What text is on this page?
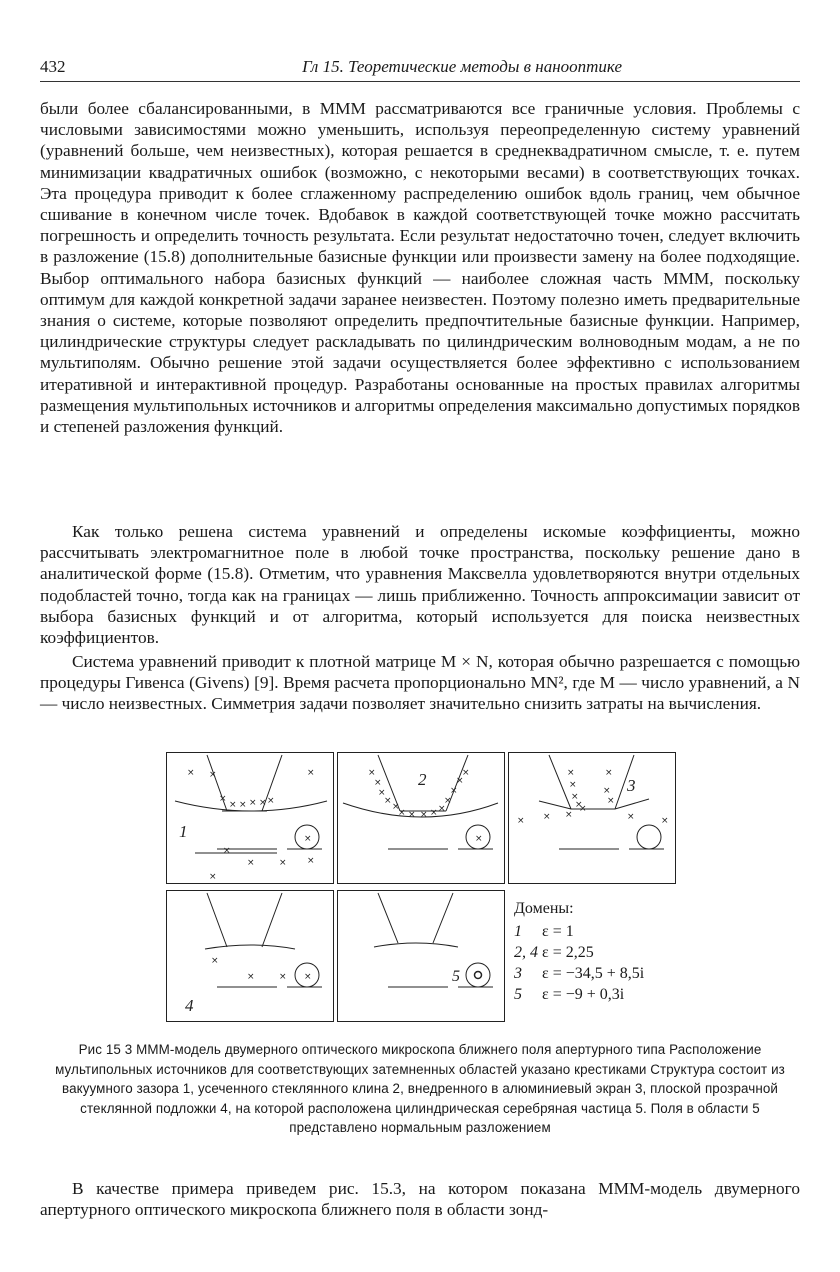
432	Гл 15. Теоретические методы в нанооптике

были более сбалансированными, в МММ рассматриваются все граничные условия. Проблемы с числовыми зависимостями можно уменьшить, используя переопределенную систему уравнений (уравнений больше, чем неизвестных), которая решается в среднеквадратичном смысле, т. е. путем минимизации квадратичных ошибок (возможно, с некоторыми весами) в соответствующих точках. Эта процедура приводит к более сглаженному распределению ошибок вдоль границ, чем обычное сшивание в конечном числе точек. Вдобавок в каждой соответствующей точке можно рассчитать погрешность и определить точность результата. Если результат недостаточно точен, следует включить в разложение (15.8) дополнительные базисные функции или произвести замену на более подходящие. Выбор оптимального набора базисных функций — наиболее сложная часть МММ, поскольку оптимум для каждой конкретной задачи заранее неизвестен. Поэтому полезно иметь предварительные знания о системе, которые позволяют определить предпочтительные базисные функции. Например, цилиндрические структуры следует раскладывать по цилиндрическим волноводным модам, а не по мультиполям. Обычно решение этой задачи осуществляется более эффективно с использованием итеративной и интерактивной процедур. Разработаны основанные на простых правилах алгоритмы размещения мультипольных источников и алгоритмы определения максимально допустимых порядков и степеней разложения функций.

Как только решена система уравнений и определены искомые коэффициенты, можно рассчитывать электромагнитное поле в любой точке пространства, поскольку решение дано в аналитической форме (15.8). Отметим, что уравнения Максвелла удовлетворяются внутри отдельных подобластей точно, тогда как на границах — лишь приближенно. Точность аппроксимации зависит от выбора базисных функций и от алгоритма, который используется для поиска неизвестных коэффициентов.

Система уравнений приводит к плотной матрице M × N, которая обычно разрешается с помощью процедуры Гивенса (Givens) [9]. Время расчета пропорционально MN², где M — число уравнений, а N — число неизвестных. Симметрия задачи позволяет значительно снизить затраты на вычисления.

× ×	×
×
× × × × ×
×
×
×	× ×
×
1
×
×
×
×
×	×
×	×
×
× × × × ×
×
2	×	×
×
×
×	×
×
×
× × ×	×	×
3
×
×	× ×
4
5
Домены:
1	ε = 1
2, 4 ε = 2,25
3	ε = −34,5 + 8,5i
5	ε = −9 + 0,3i

Рис 15 3 МММ-модель двумерного оптического микроскопа ближнего поля апертурного типа Расположение мультипольных источников для соответствующих затемненных областей указано крестиками Структура состоит из вакуумного зазора 1, усеченного стеклянного клина 2, внедренного в алюминиевый экран 3, плоской прозрачной стеклянной подложки 4, на которой расположена цилиндрическая серебряная частица 5. Поля в области 5 представлено нормальным разложением

В качестве примера приведем рис. 15.3, на котором показана МММ-модель двумерного апертурного оптического микроскопа ближнего поля в области зонд-
